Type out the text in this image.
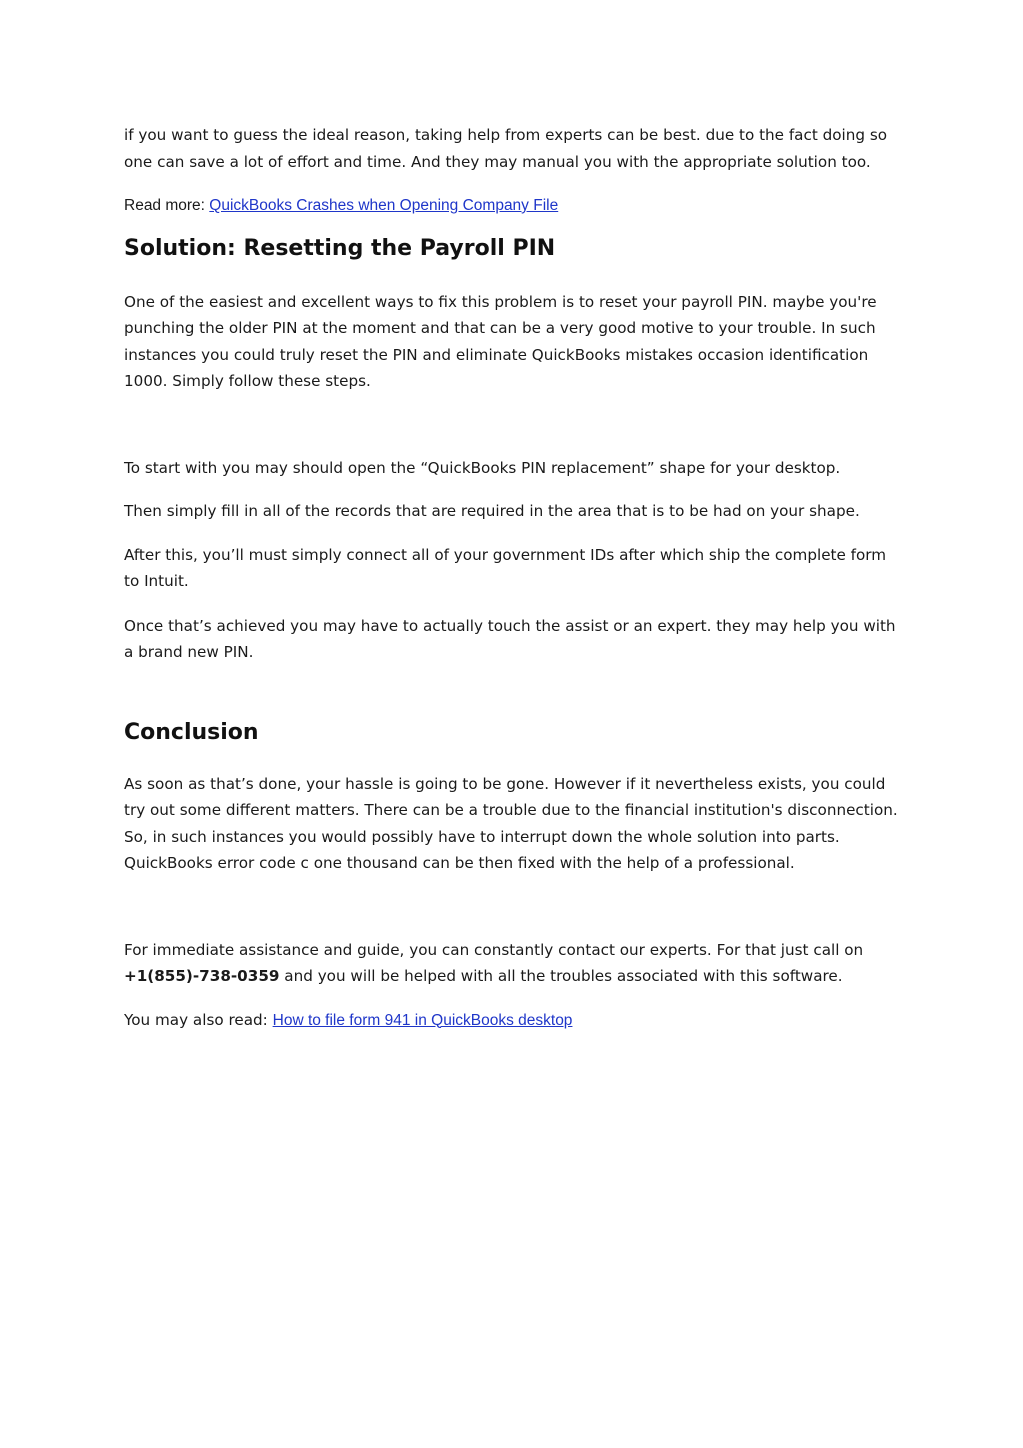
if you want to guess the ideal reason, taking help from experts can be best. due to the fact doing so one can save a lot of effort and time. And they may manual you with the appropriate solution too.

Read more: QuickBooks Crashes when Opening Company File

Solution: Resetting the Payroll PIN

One of the easiest and excellent ways to fix this problem is to reset your payroll PIN. maybe you're punching the older PIN at the moment and that can be a very good motive to your trouble. In such instances you could truly reset the PIN and eliminate QuickBooks mistakes occasion identification 1000. Simply follow these steps.

To start with you may should open the “QuickBooks PIN replacement” shape for your desktop.

Then simply fill in all of the records that are required in the area that is to be had on your shape.

After this, you’ll must simply connect all of your government IDs after which ship the complete form to Intuit.

Once that’s achieved you may have to actually touch the assist or an expert. they may help you with a brand new PIN.

Conclusion

As soon as that’s done, your hassle is going to be gone. However if it nevertheless exists, you could try out some different matters. There can be a trouble due to the financial institution's disconnection. So, in such instances you would possibly have to interrupt down the whole solution into parts. QuickBooks error code c one thousand can be then fixed with the help of a professional.

For immediate assistance and guide, you can constantly contact our experts. For that just call on +1(855)-738-0359 and you will be helped with all the troubles associated with this software.

You may also read: How to file form 941 in QuickBooks desktop
